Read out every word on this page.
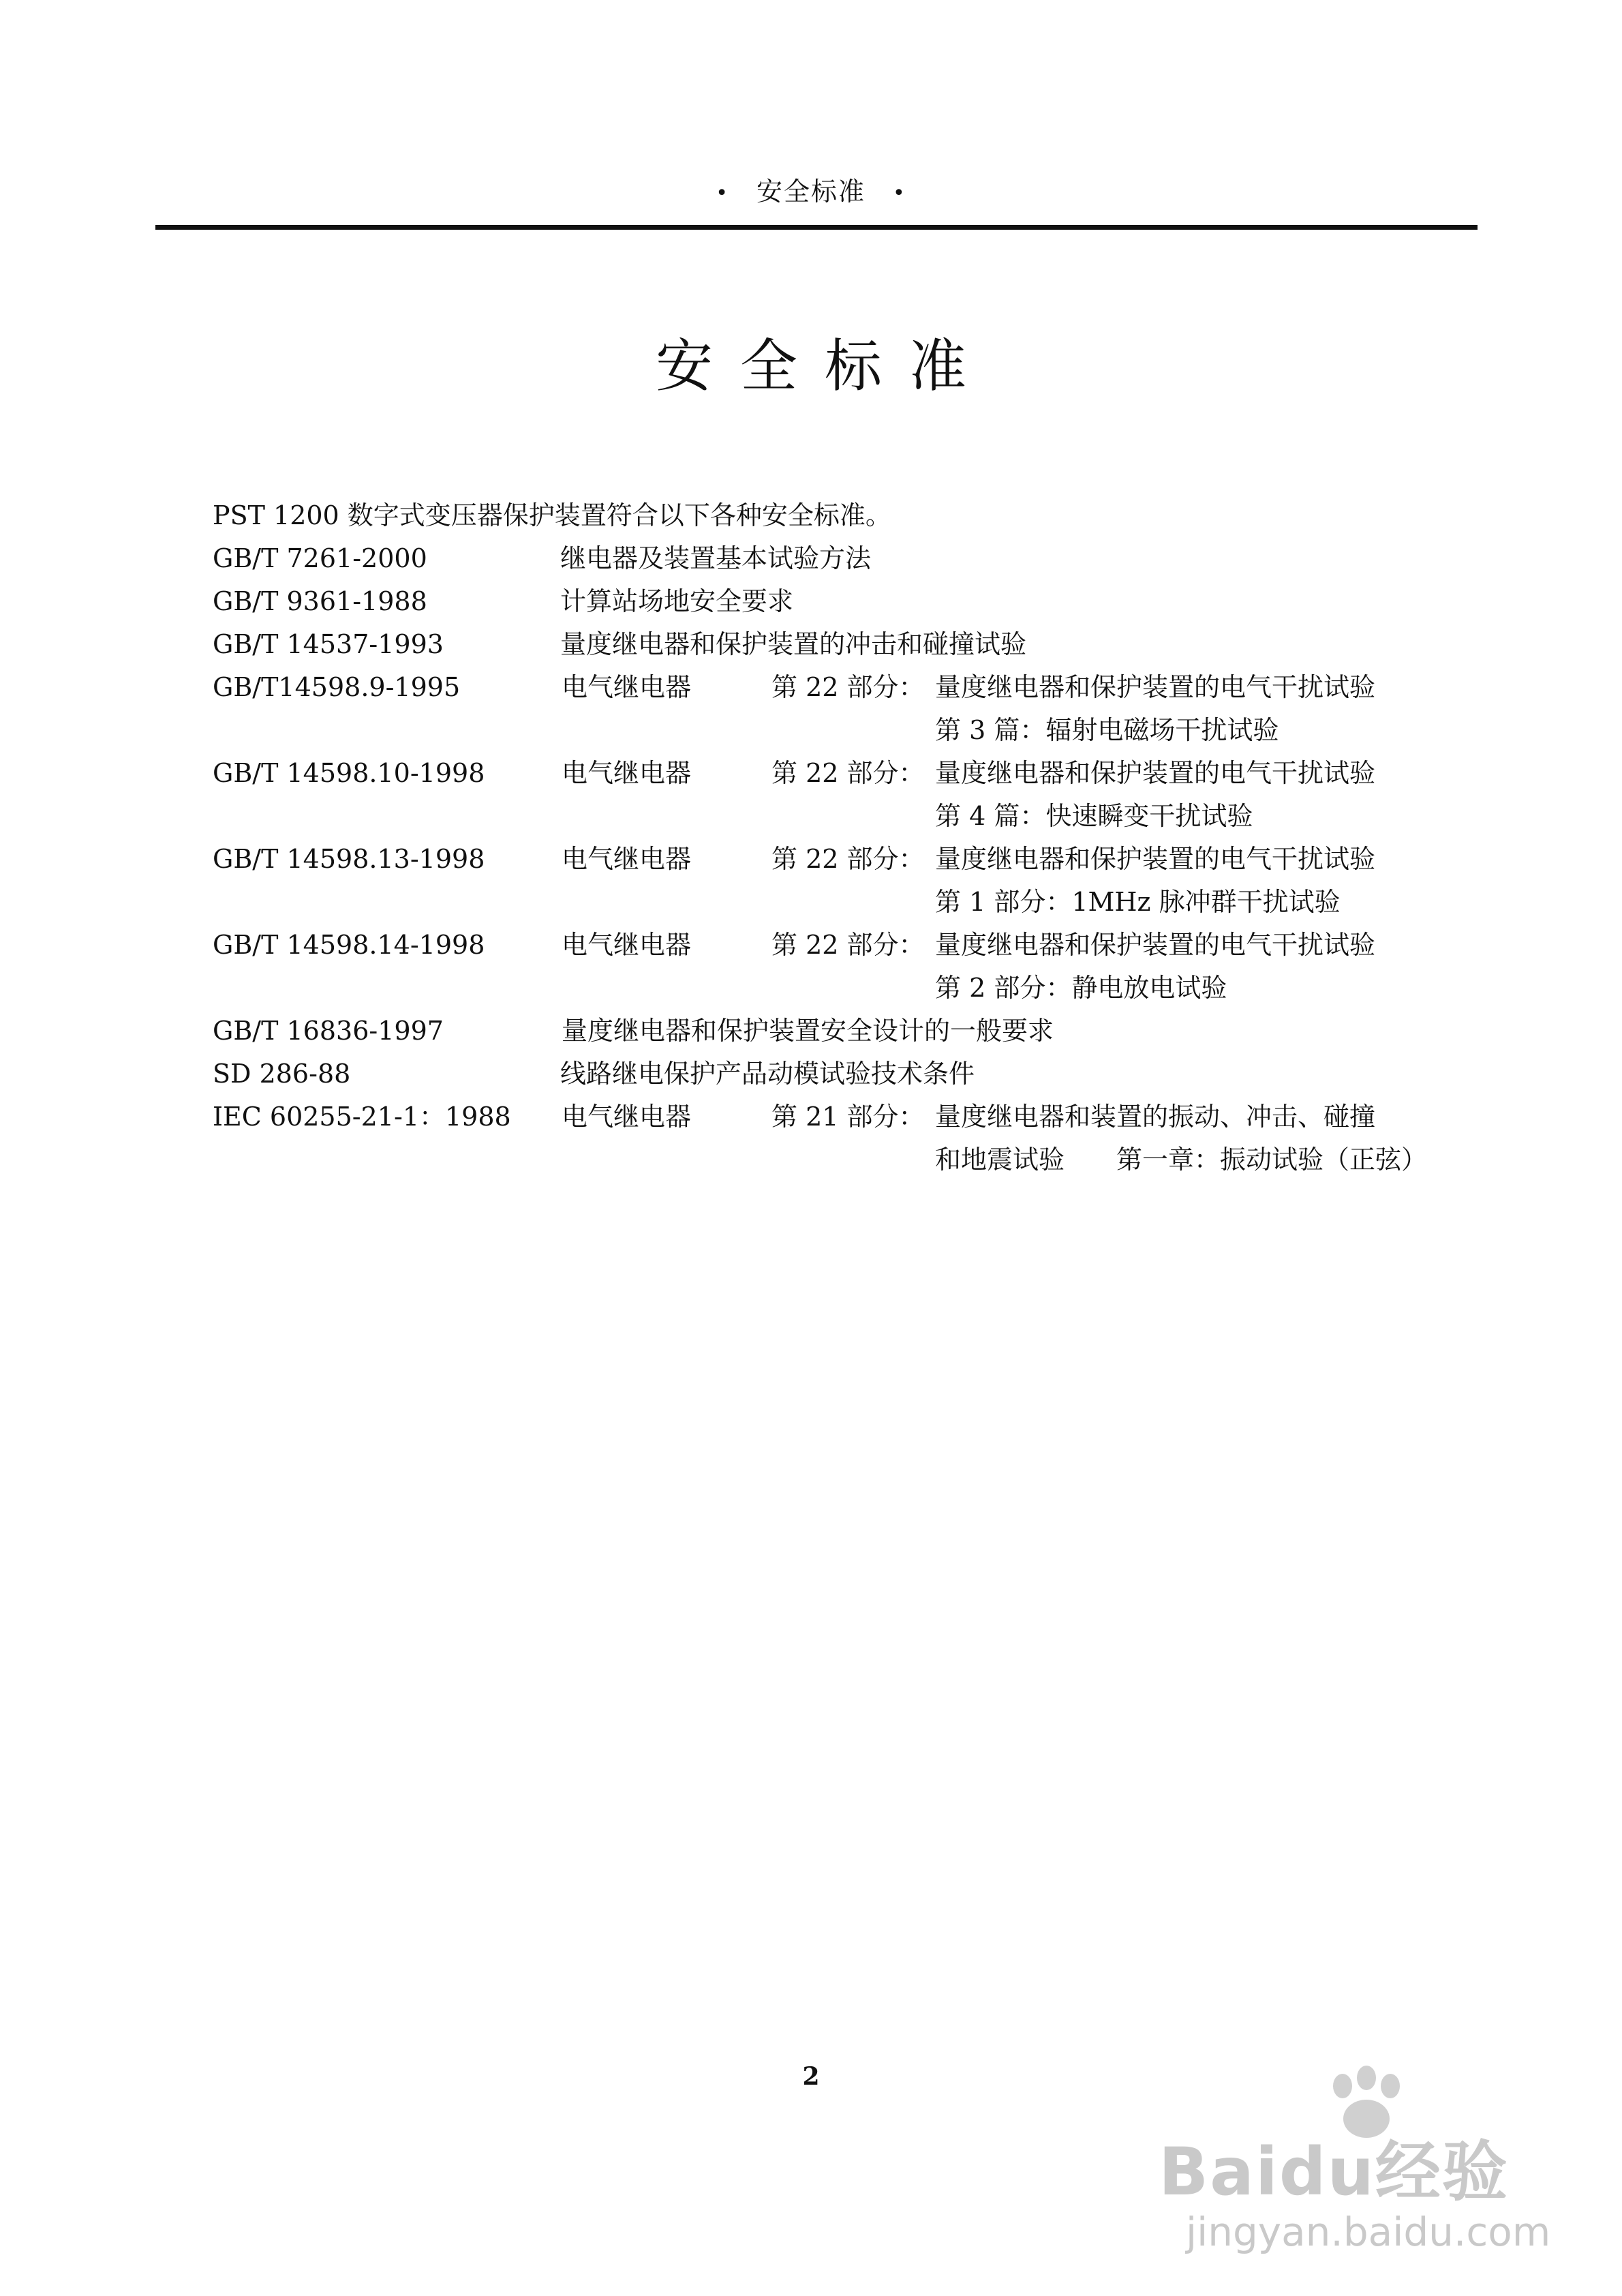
• 安全标准 •
安全标准
PST 1200 数字式变压器保护装置符合以下各种安全标准。
GB/T 7261-2000	继电器及装置基本试验方法
GB/T 9361-1988	计算站场地安全要求
GB/T 14537-1993	量度继电器和保护装置的冲击和碰撞试验
GB/T14598.9-1995	电气继电器	第 22 部分： 量度继电器和保护装置的电气干扰试验
第 3 篇：辐射电磁场干扰试验
GB/T 14598.10-1998	电气继电器	第 22 部分： 量度继电器和保护装置的电气干扰试验
第 4 篇：快速瞬变干扰试验
GB/T 14598.13-1998	电气继电器	第 22 部分： 量度继电器和保护装置的电气干扰试验
第 1 部分：1MHz 脉冲群干扰试验
GB/T 14598.14-1998	电气继电器	第 22 部分： 量度继电器和保护装置的电气干扰试验
第 2 部分：静电放电试验
GB/T 16836-1997	量度继电器和保护装置安全设计的一般要求
SD 286-88	线路继电保护产品动模试验技术条件
IEC 60255-21-1：1988 电气继电器	第 21 部分： 量度继电器和装置的振动、冲击、碰撞
和地震试验　　第一章：振动试验（正弦）
2
Baidu经验
jingyan.baidu.com
